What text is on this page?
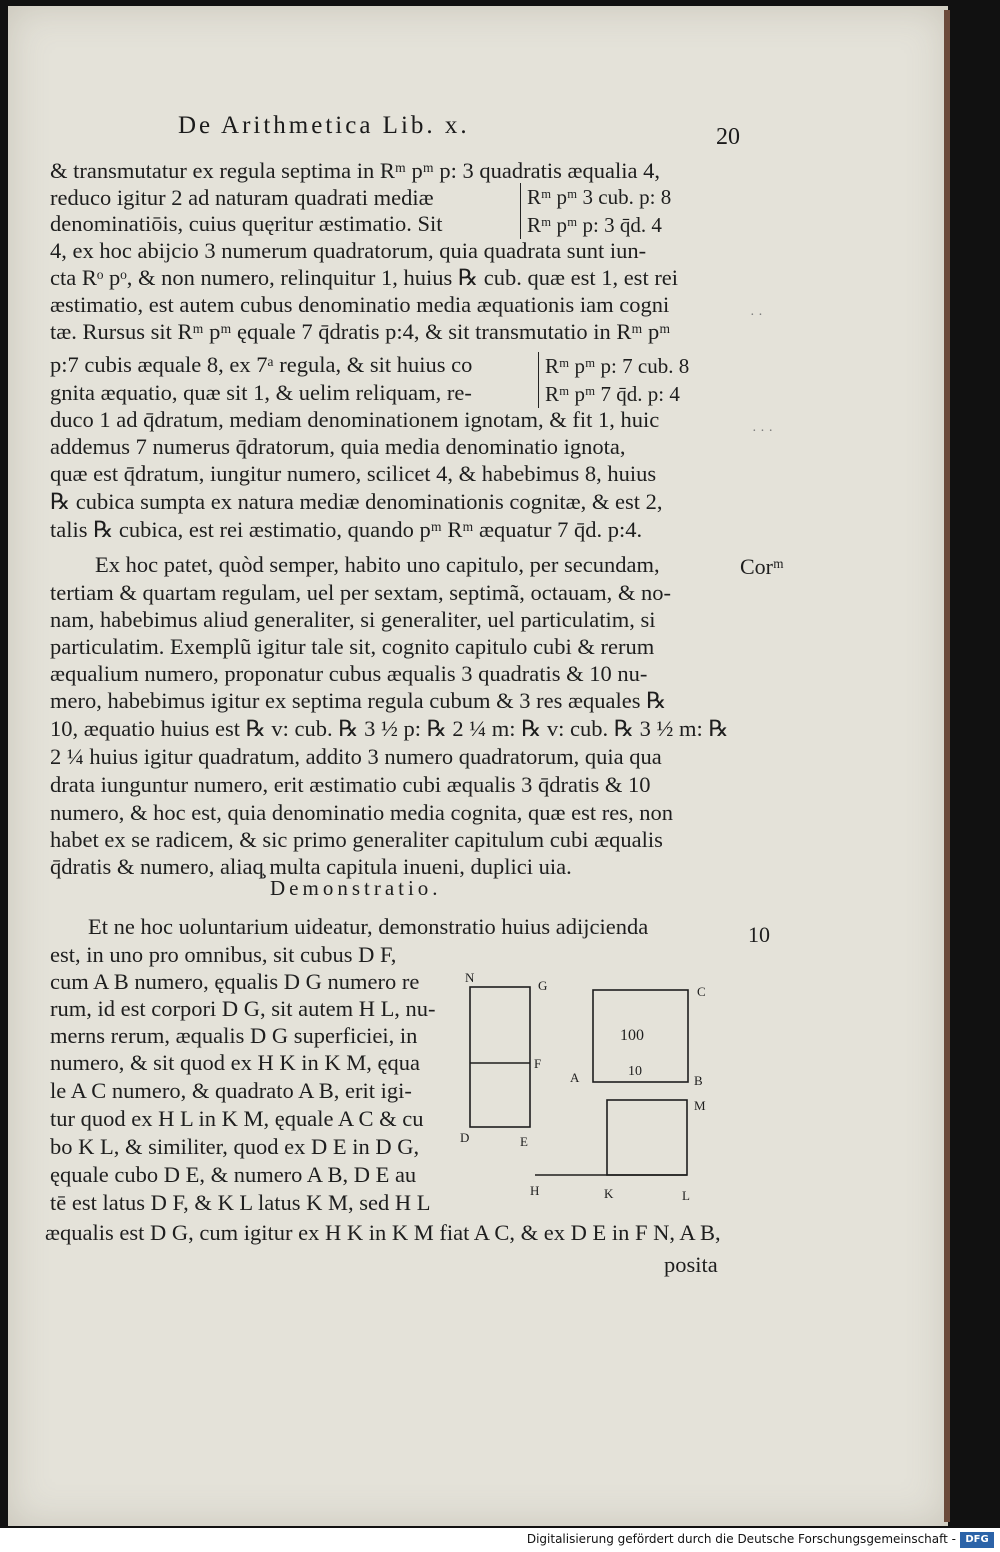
De Arithmetica Lib. x.	20
& transmutatur ex regula septima in Rᵐ pᵐ p: 3 quadratis æqualia 4,
reduco igitur 2 ad naturam quadrati mediæ
denominatiōis, cuius quęritur æstimatio. Sit
4, ex hoc abijcio 3 numerum quadratorum, quia quadrata sunt iun-
cta Rᵒ pᵒ, & non numero, relinquitur 1, huius ℞ cub. quæ est 1, est rei
æstimatio, est autem cubus denominatio media æquationis iam cogni
tæ. Rursus sit Rᵐ pᵐ ęquale 7 q̄dratis p:4, & sit transmutatio in Rᵐ pᵐ
p:7 cubis æquale 8, ex 7ᵃ regula, & sit huius co
gnita æquatio, quæ sit 1, & uelim reliquam, re-
duco 1 ad q̄dratum, mediam denominationem ignotam, & fit 1, huic
addemus 7 numerus q̄dratorum, quia media denominatio ignota,
quæ est q̄dratum, iungitur numero, scilicet 4, & habebimus 8, huius
℞ cubica sumpta ex natura mediæ denominationis cognitæ, & est 2,
talis ℞ cubica, est rei æstimatio, quando pᵐ Rᵐ æquatur 7 q̄d. p:4.
Ex hoc patet, quòd semper, habito uno capitulo, per secundam,
tertiam & quartam regulam, uel per sextam, septimã, octauam, & no-
nam, habebimus aliud generaliter, si generaliter, uel particulatim, si
particulatim. Exemplũ igitur tale sit, cognito capitulo cubi & rerum
æqualium numero, proponatur cubus æqualis 3 quadratis & 10 nu-
mero, habebimus igitur ex septima regula cubum & 3 res æquales ℞
10, æquatio huius est ℞ v: cub. ℞ 3 ½ p: ℞ 2 ¼ m: ℞ v: cub. ℞ 3 ½ m: ℞
2 ¼ huius igitur quadratum, addito 3 numero quadratorum, quia qua
drata iunguntur numero, erit æstimatio cubi æqualis 3 q̄dratis & 10
numero, & hoc est, quia denominatio media cognita, quæ est res, non
habet ex se radicem, & sic primo generaliter capitulum cubi æqualis
q̄dratis & numero, aliaq̧ multa capitula inueni, duplici uia.
Rᵐ pᵐ 3 cub. p: 8
Rᵐ pᵐ p: 3 q̄d. 4
Rᵐ pᵐ p: 7 cub. 8
Rᵐ pᵐ 7 q̄d. p: 4
Corᵐ
10
· ·
· · ·
Demonstratio.
Et ne hoc uoluntarium uideatur, demonstratio huius adijcienda
est, in uno pro omnibus, sit cubus D F,
cum A B numero, ęqualis D G numero re
rum, id est corpori D G, sit autem H L, nu-
merns rerum, æqualis D G superficiei, in
numero, & sit quod ex H K in K M, ęqua
le A C numero, & quadrato A B, erit igi-
tur quod ex H L in K M, ęquale A C & cu
bo K L, & similiter, quod ex D E in D G,
ęquale cubo D E, & numero A B, D E au
tē est latus D F, & K L latus K M, sed H L
æqualis est D G, cum igitur ex H K in K M fiat A C, & ex D E in F N, A B,
posita
N
G
F
D	E
C
A	B
M
H	K	L
100
10
Digitalisierung gefördert durch die Deutsche Forschungsgemeinschaft - DFG
